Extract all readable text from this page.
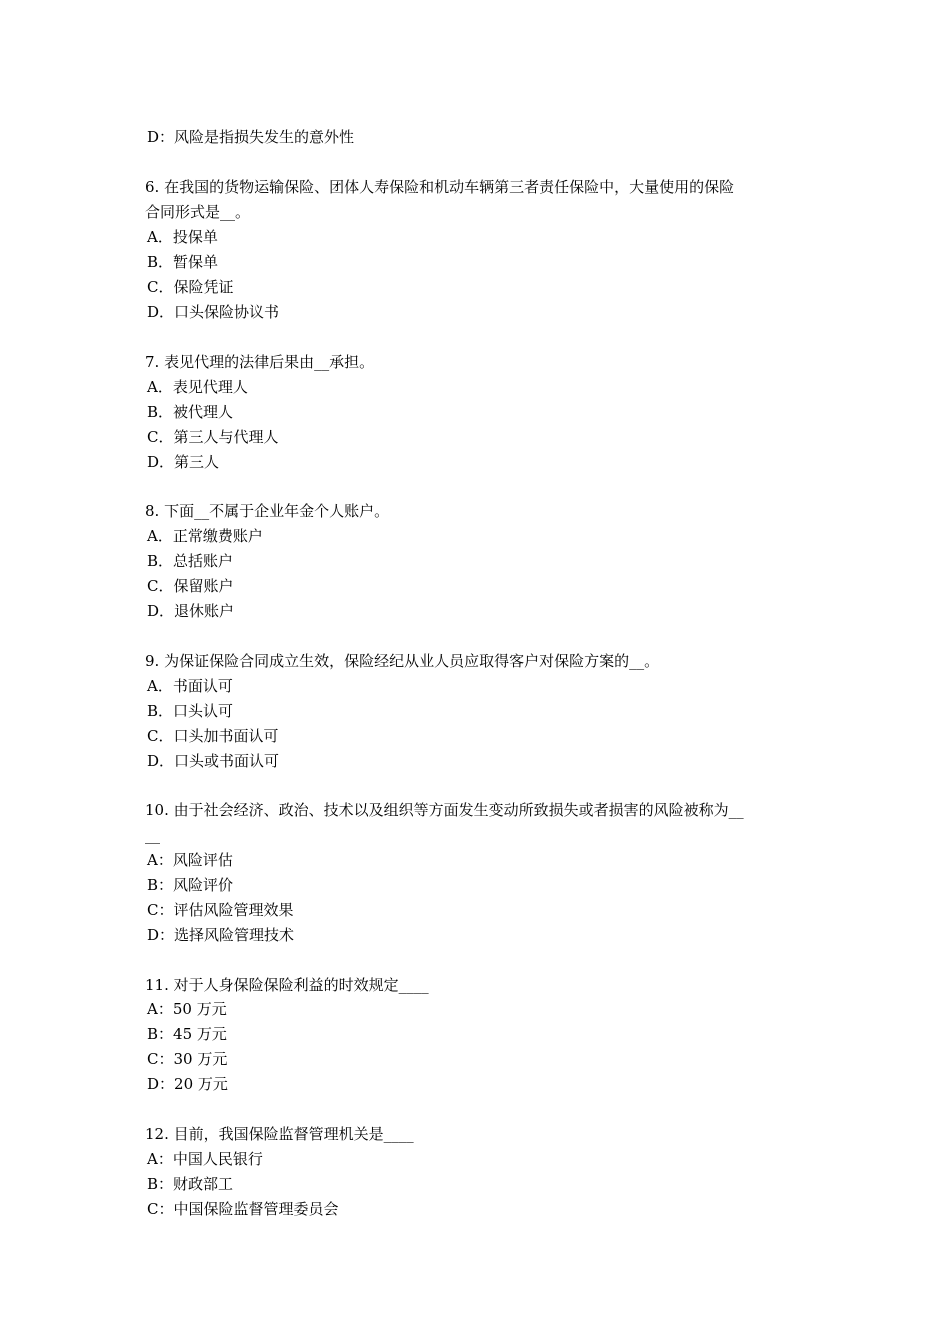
D：风险是指损失发生的意外性
6. 在我国的货物运输保险、团体人寿保险和机动车辆第三者责任保险中，大量使用的保险
合同形式是__。
A．投保单
B．暂保单
C．保险凭证
D．口头保险协议书
7. 表见代理的法律后果由__承担。
A．表见代理人
B．被代理人
C．第三人与代理人
D．第三人
8. 下面__不属于企业年金个人账户。
A．正常缴费账户
B．总括账户
C．保留账户
D．退休账户
9. 为保证保险合同成立生效，保险经纪从业人员应取得客户对保险方案的__。
A．书面认可
B．口头认可
C．口头加书面认可
D．口头或书面认可
10. 由于社会经济、政治、技术以及组织等方面发生变动所致损失或者损害的风险被称为__
__
A：风险评估
B：风险评价
C：评估风险管理效果
D：选择风险管理技术
11. 对于人身保险保险利益的时效规定____
A：50 万元
B：45 万元
C：30 万元
D：20 万元
12. 目前，我国保险监督管理机关是____
A：中国人民银行
B：财政部工
C：中国保险监督管理委员会
